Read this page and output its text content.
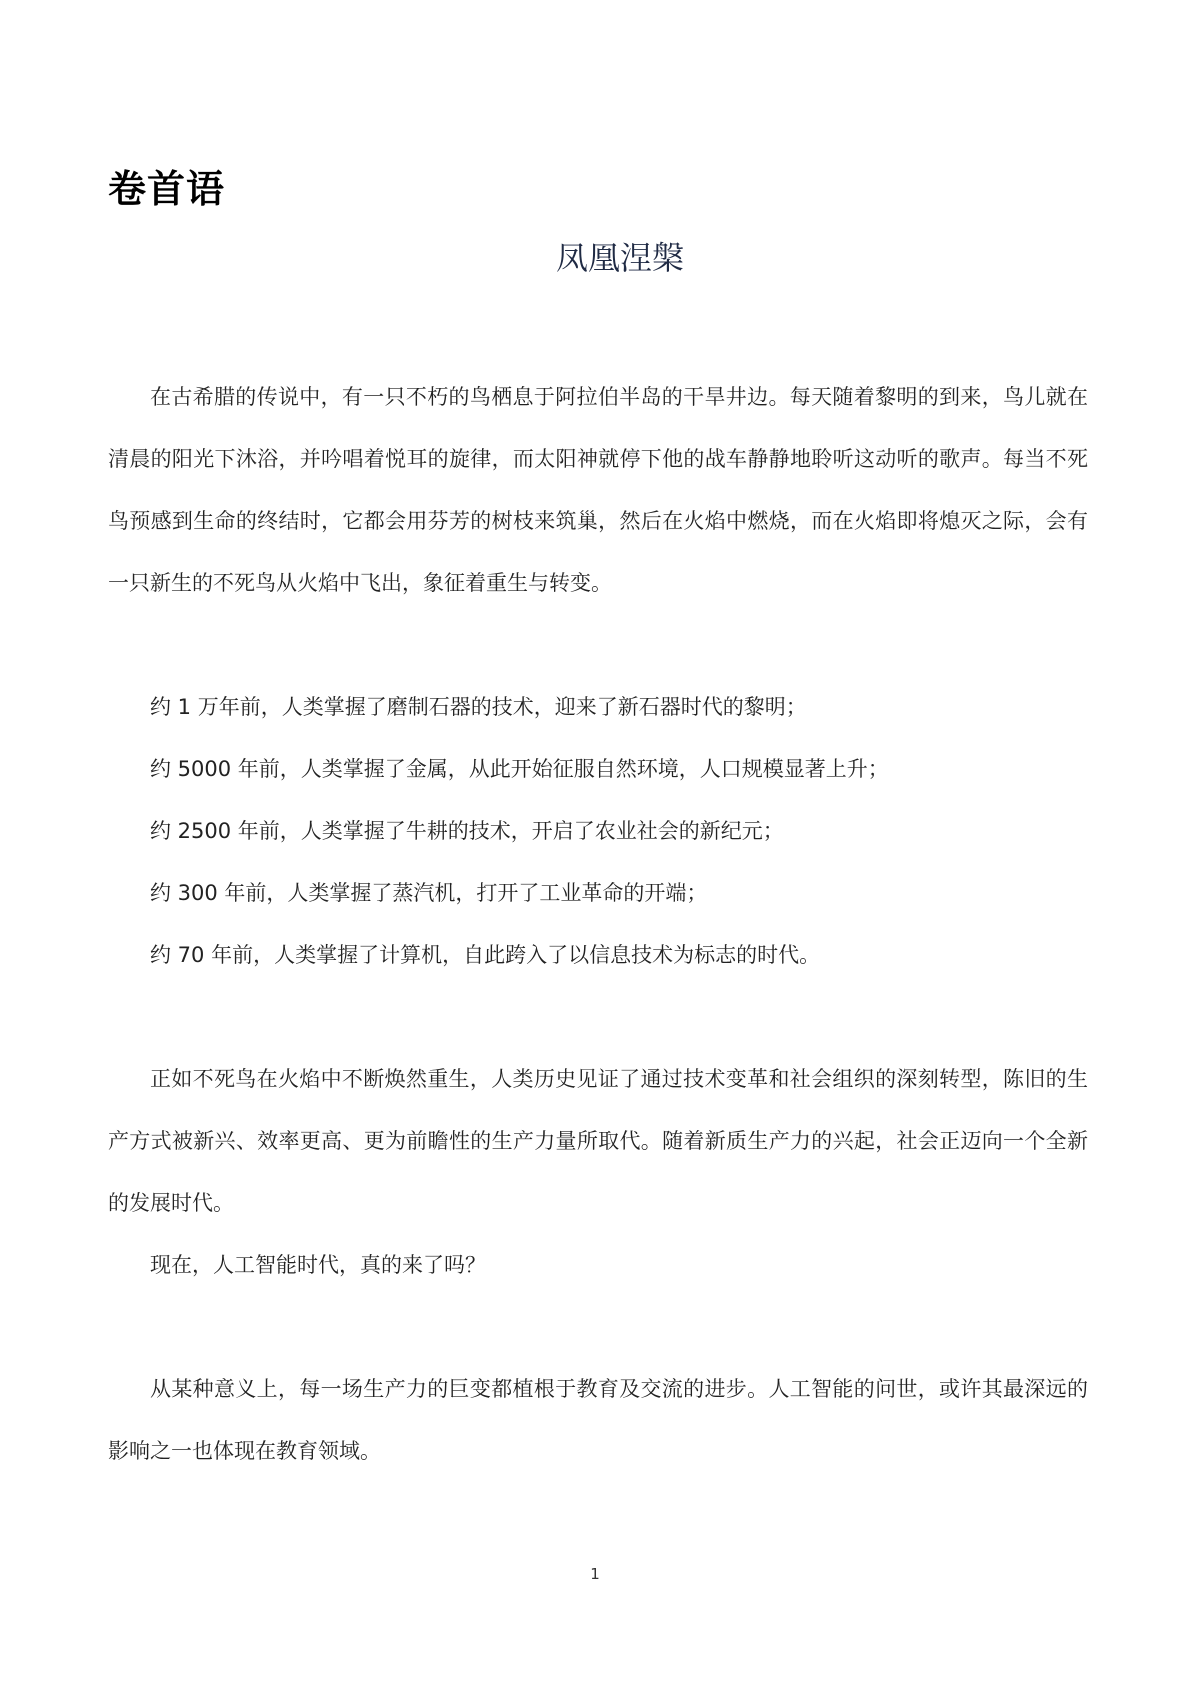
卷首语
凤凰涅槃

在古希腊的传说中，有一只不朽的鸟栖息于阿拉伯半岛的干旱井边。每天随着黎明的到来，鸟儿就在清晨的阳光下沐浴，并吟唱着悦耳的旋律，而太阳神就停下他的战车静静地聆听这动听的歌声。每当不死鸟预感到生命的终结时，它都会用芬芳的树枝来筑巢，然后在火焰中燃烧，而在火焰即将熄灭之际，会有一只新生的不死鸟从火焰中飞出，象征着重生与转变。

约 1 万年前，人类掌握了磨制石器的技术，迎来了新石器时代的黎明；

约 5000 年前，人类掌握了金属，从此开始征服自然环境，人口规模显著上升；

约 2500 年前，人类掌握了牛耕的技术，开启了农业社会的新纪元；

约 300 年前，人类掌握了蒸汽机，打开了工业革命的开端；

约 70 年前，人类掌握了计算机，自此跨入了以信息技术为标志的时代。

正如不死鸟在火焰中不断焕然重生，人类历史见证了通过技术变革和社会组织的深刻转型，陈旧的生产方式被新兴、效率更高、更为前瞻性的生产力量所取代。随着新质生产力的兴起，社会正迈向一个全新的发展时代。

现在，人工智能时代，真的来了吗？

从某种意义上，每一场生产力的巨变都植根于教育及交流的进步。人工智能的问世，或许其最深远的影响之一也体现在教育领域。

1
